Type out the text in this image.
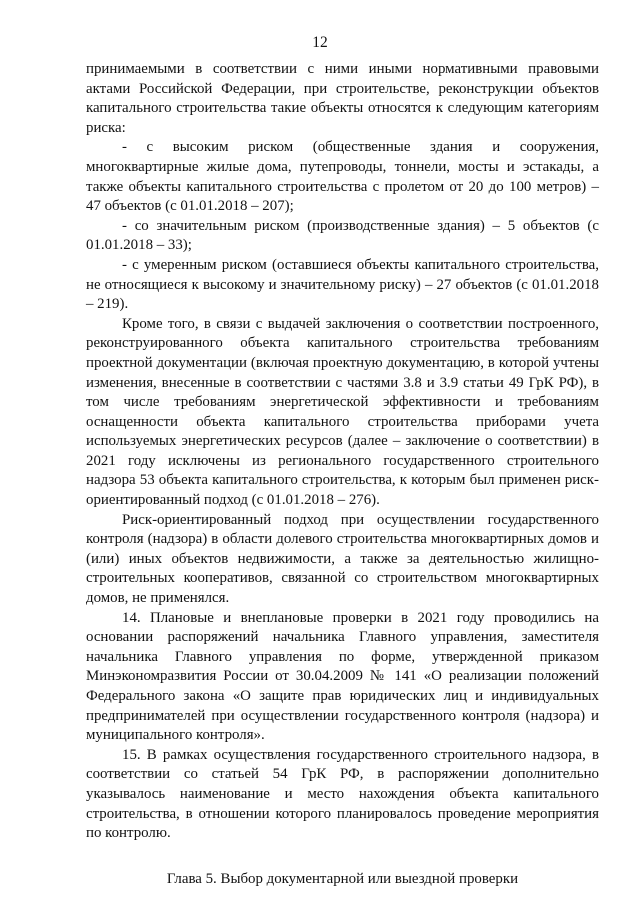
12

принимаемыми в соответствии с ними иными нормативными правовыми актами Российской Федерации, при строительстве, реконструкции объектов капитального строительства такие объекты относятся к следующим категориям риска:

- с высоким риском (общественные здания и сооружения, многоквартирные жилые дома, путепроводы, тоннели, мосты и эстакады, а также объекты капитального строительства с пролетом от 20 до 100 метров) – 47 объектов (с 01.01.2018 – 207);

- со значительным риском (производственные здания) – 5 объектов (с 01.01.2018 – 33);

- с умеренным риском (оставшиеся объекты капитального строительства, не относящиеся к высокому и значительному риску) – 27 объектов (с 01.01.2018 – 219).

Кроме того, в связи с выдачей заключения о соответствии построенного, реконструированного объекта капитального строительства требованиям проектной документации (включая проектную документацию, в которой учтены изменения, внесенные в соответствии с частями 3.8 и 3.9 статьи 49 ГрК РФ), в том числе требованиям энергетической эффективности и требованиям оснащенности объекта капитального строительства приборами учета используемых энергетических ресурсов (далее – заключение о соответствии) в 2021 году исключены из регионального государственного строительного надзора 53 объекта капитального строительства, к которым был применен риск-ориентированный подход (с 01.01.2018 – 276).

Риск-ориентированный подход при осуществлении государственного контроля (надзора) в области долевого строительства многоквартирных домов и (или) иных объектов недвижимости, а также за деятельностью жилищно-строительных кооперативов, связанной со строительством многоквартирных домов, не применялся.

14. Плановые и внеплановые проверки в 2021 году проводились на основании распоряжений начальника Главного управления, заместителя начальника Главного управления по форме, утвержденной приказом Минэкономразвития России от 30.04.2009 № 141 «О реализации положений Федерального закона «О защите прав юридических лиц и индивидуальных предпринимателей при осуществлении государственного контроля (надзора) и муниципального контроля».

15. В рамках осуществления государственного строительного надзора, в соответствии со статьей 54 ГрК РФ, в распоряжении дополнительно указывалось наименование и место нахождения объекта капитального строительства, в отношении которого планировалось проведение мероприятия по контролю.

Глава 5. Выбор документарной или выездной проверки
